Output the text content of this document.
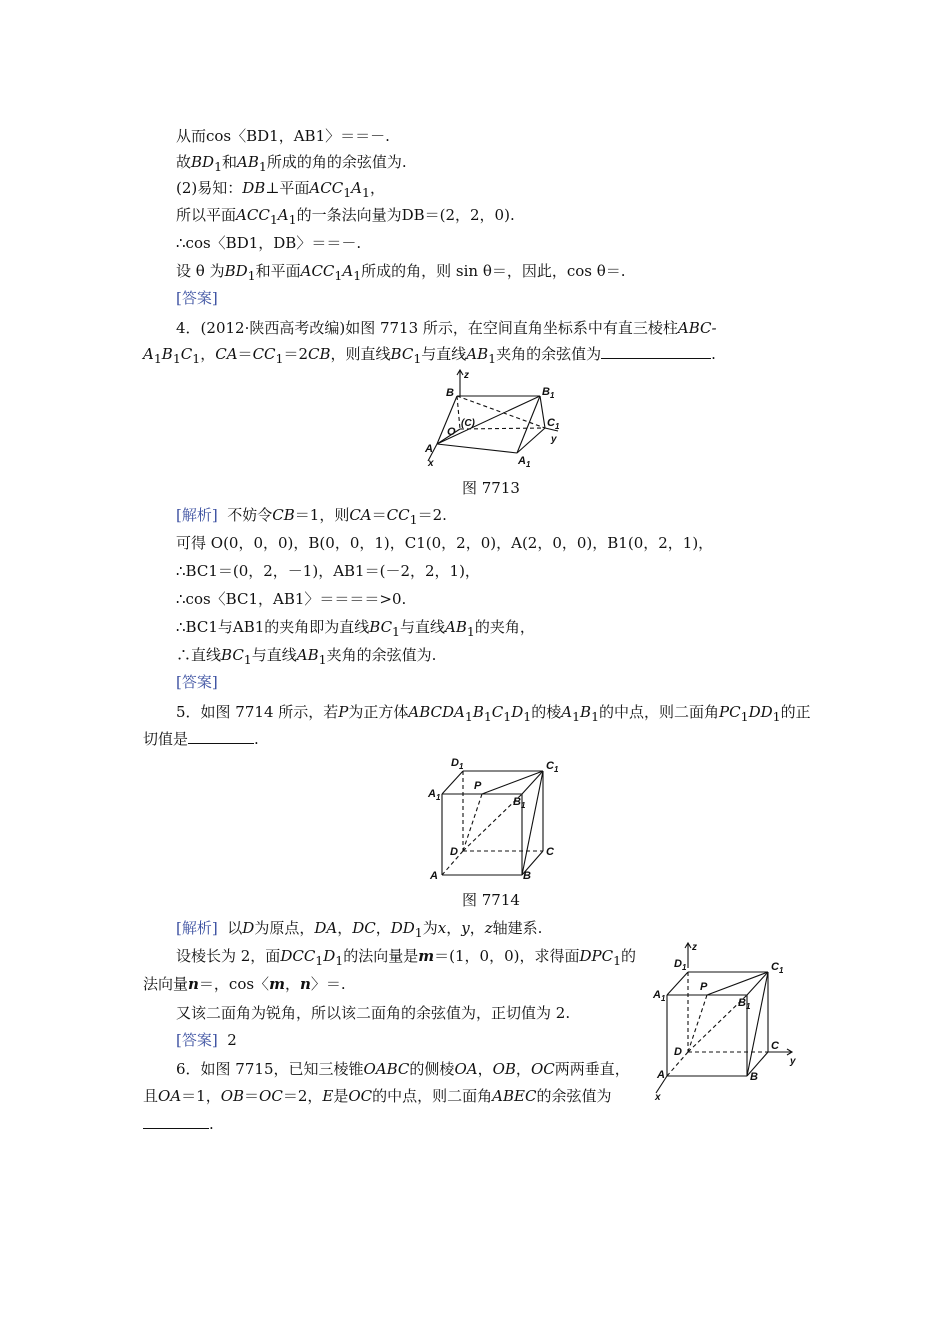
从而cos〈BD1，AB1〉＝＝－.
故$BD_1$和$AB_1$所成的角的余弦值为.
(2)易知：DB⊥平面$ACC_1A_1$，
所以平面$ACC_1A_1$的一条法向量为DB＝(2，2，0).
∴cos〈BD1，DB〉＝＝－.
设 θ 为$BD_1$和平面$ACC_1A_1$所成的角，则 sin θ＝，因此，cos θ＝.
[答案]
4．(2012·陕西高考改编)如图 7713 所示，在空间直角坐标系中有直三棱柱ABC-
$A_1B_1C_1$，$CA=CC_1=2CB$，则直线$BC_1$与直线$AB_1$夹角的余弦值为	.
z
y
x
B	B 1
(C)	C 1
O
A
A 1
图 7713
[解析] 不妨令CB＝1，则$CA=CC_1=2$.
可得 O(0，0，0)，B(0，0，1)，C1(0，2，0)，A(2，0，0)，B1(0，2，1)，
∴BC1＝(0，2，－1)，AB1＝(－2，2，1)，
∴cos〈BC1，AB1〉＝＝＝＝>0.
∴BC1与AB1的夹角即为直线$BC_1$与直线$AB_1$的夹角，
∴直线$BC_1$与直线$AB_1$夹角的余弦值为.
[答案]
5．如图 7714 所示，若P为正方体$ABCDA_1B_1C_1D_1$的棱$A_1B_1$的中点，则二面角$PC_1DD_1$的正
切值是	.
D 1	C 1
P
A 1	B 1
D	C
A	B
图 7714
[解析] 以D为原点，DA，DC，$DD_1$为x，y，z轴建系.
设棱长为 2，面$DCC_1D_1$的法向量是m＝(1，0，0)，求得面$DPC_1$的
法向量n＝，cos〈m，n〉＝.
又该二面角为锐角，所以该二面角的余弦值为，正切值为 2.
[答案] 2
z
y
x
D 1	C 1
P
A 1	B 1
D	C
A	B
6．如图 7715，已知三棱锥OABC的侧棱OA，OB，OC两两垂直，
且OA＝1，OB＝OC＝2，E是OC的中点，则二面角ABEC的余弦值为
.
